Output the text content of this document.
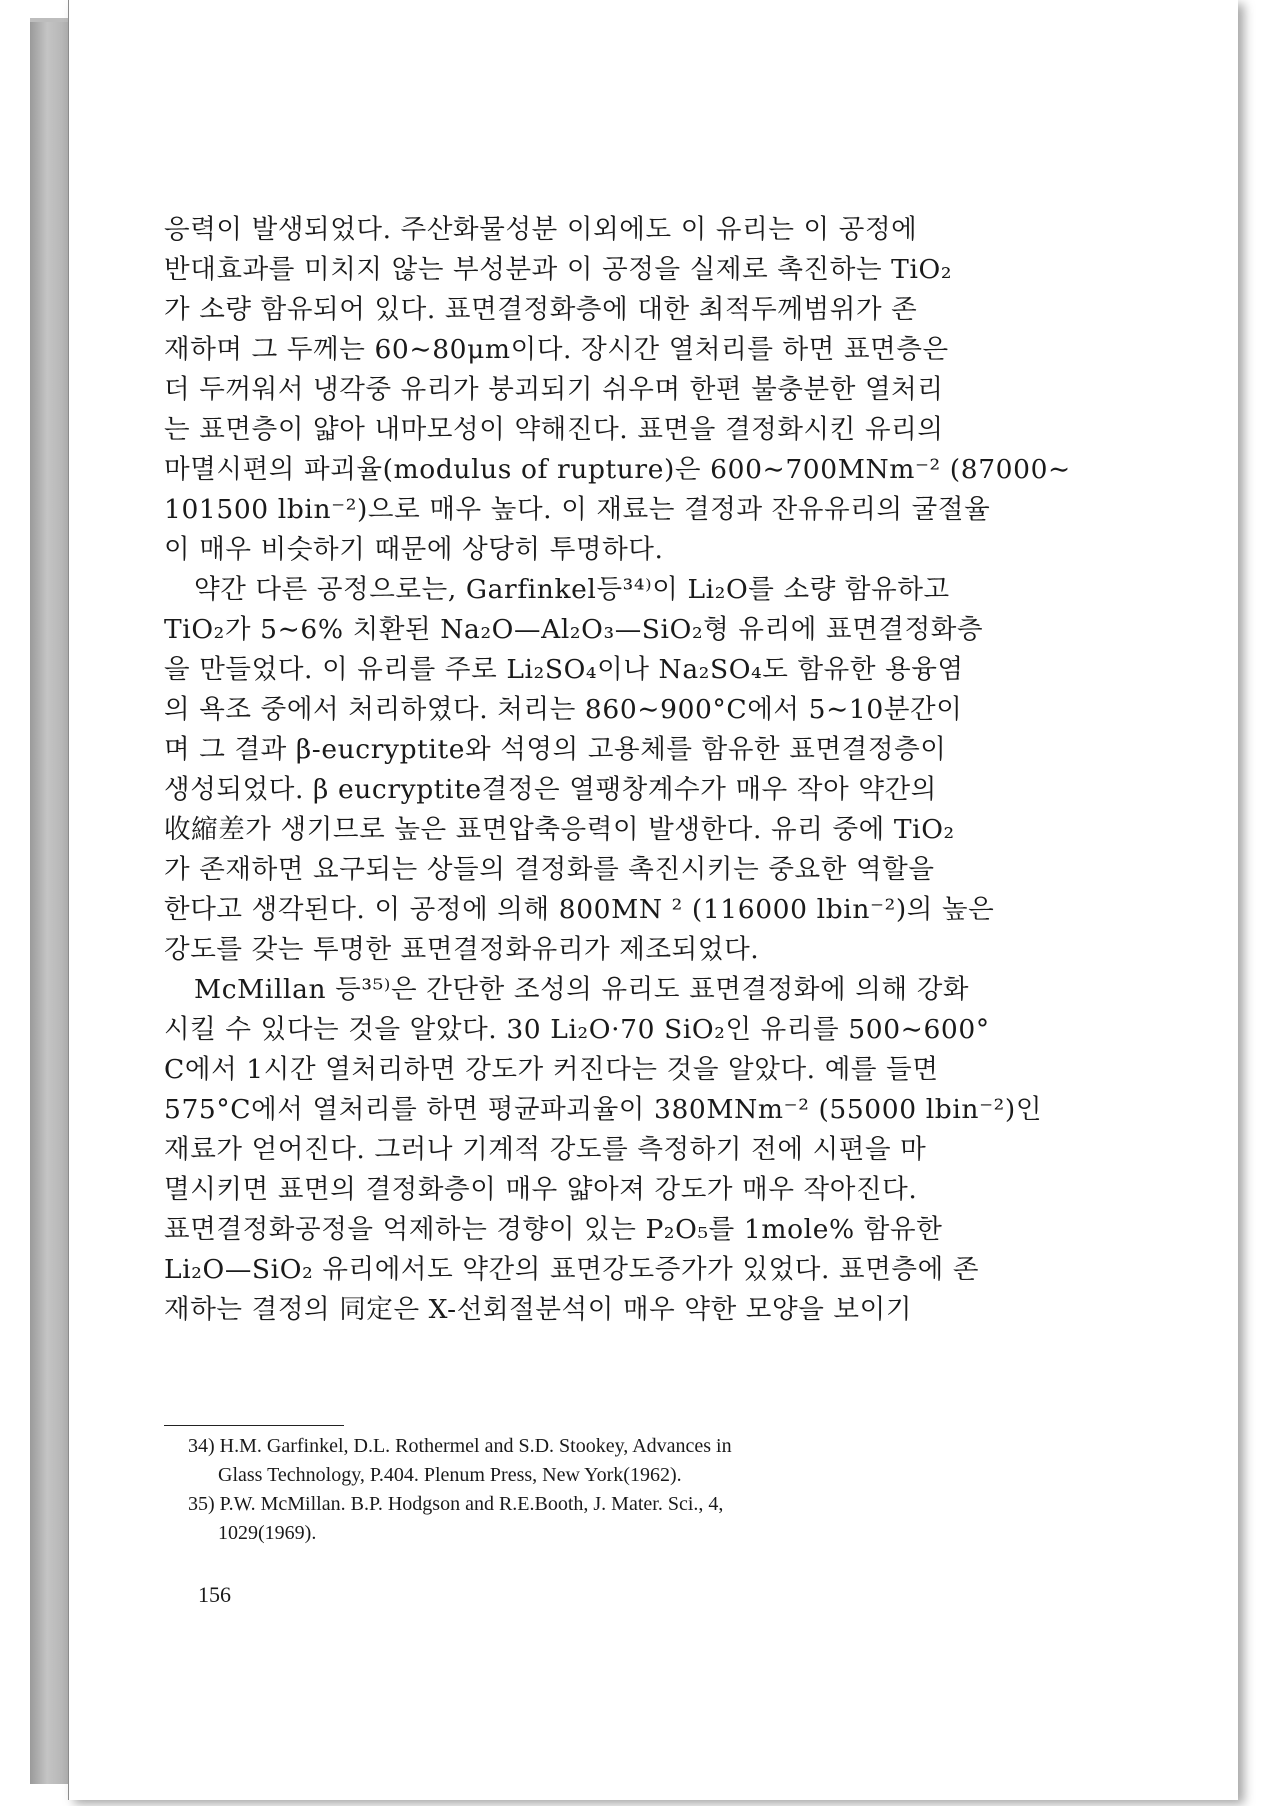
응력이 발생되었다. 주산화물성분 이외에도 이 유리는 이 공정에
반대효과를 미치지 않는 부성분과 이 공정을 실제로 촉진하는 TiO₂
가 소량 함유되어 있다. 표면결정화층에 대한 최적두께범위가 존
재하며 그 두께는 60∼80μm이다. 장시간 열처리를 하면 표면층은
더 두꺼워서 냉각중 유리가 붕괴되기 쉬우며 한편 불충분한 열처리
는 표면층이 얇아 내마모성이 약해진다. 표면을 결정화시킨 유리의
마멸시편의 파괴율(modulus of rupture)은 600∼700MNm⁻² (87000∼
101500 lbin⁻²)으로 매우 높다. 이 재료는 결정과 잔유유리의 굴절율
이 매우 비슷하기 때문에 상당히 투명하다.
약간 다른 공정으로는, Garfinkel등³⁴⁾이 Li₂O를 소량 함유하고
TiO₂가 5∼6% 치환된 Na₂O—Al₂O₃—SiO₂형 유리에 표면결정화층
을 만들었다. 이 유리를 주로 Li₂SO₄이나 Na₂SO₄도 함유한 용융염
의 욕조 중에서 처리하였다. 처리는 860∼900°C에서 5∼10분간이
며 그 결과 β-eucryptite와 석영의 고용체를 함유한 표면결정층이
생성되었다. β eucryptite결정은 열팽창계수가 매우 작아 약간의
收縮差가 생기므로 높은 표면압축응력이 발생한다. 유리 중에 TiO₂
가 존재하면 요구되는 상들의 결정화를 촉진시키는 중요한 역할을
한다고 생각된다. 이 공정에 의해 800MN ² (116000 lbin⁻²)의 높은
강도를 갖는 투명한 표면결정화유리가 제조되었다.
McMillan 등³⁵⁾은 간단한 조성의 유리도 표면결정화에 의해 강화
시킬 수 있다는 것을 알았다. 30 Li₂O·70 SiO₂인 유리를 500∼600°
C에서 1시간 열처리하면 강도가 커진다는 것을 알았다. 예를 들면
575°C에서 열처리를 하면 평균파괴율이 380MNm⁻² (55000 lbin⁻²)인
재료가 얻어진다. 그러나 기계적 강도를 측정하기 전에 시편을 마
멸시키면 표면의 결정화층이 매우 얇아져 강도가 매우 작아진다.
표면결정화공정을 억제하는 경향이 있는 P₂O₅를 1mole% 함유한
Li₂O—SiO₂ 유리에서도 약간의 표면강도증가가 있었다. 표면층에 존
재하는 결정의 同定은 X-선회절분석이 매우 약한 모양을 보이기
34) H.M. Garfinkel, D.L. Rothermel and S.D. Stookey, Advances in
Glass Technology, P.404. Plenum Press, New York(1962).
35) P.W. McMillan. B.P. Hodgson and R.E.Booth, J. Mater. Sci., 4,
1029(1969).
156
